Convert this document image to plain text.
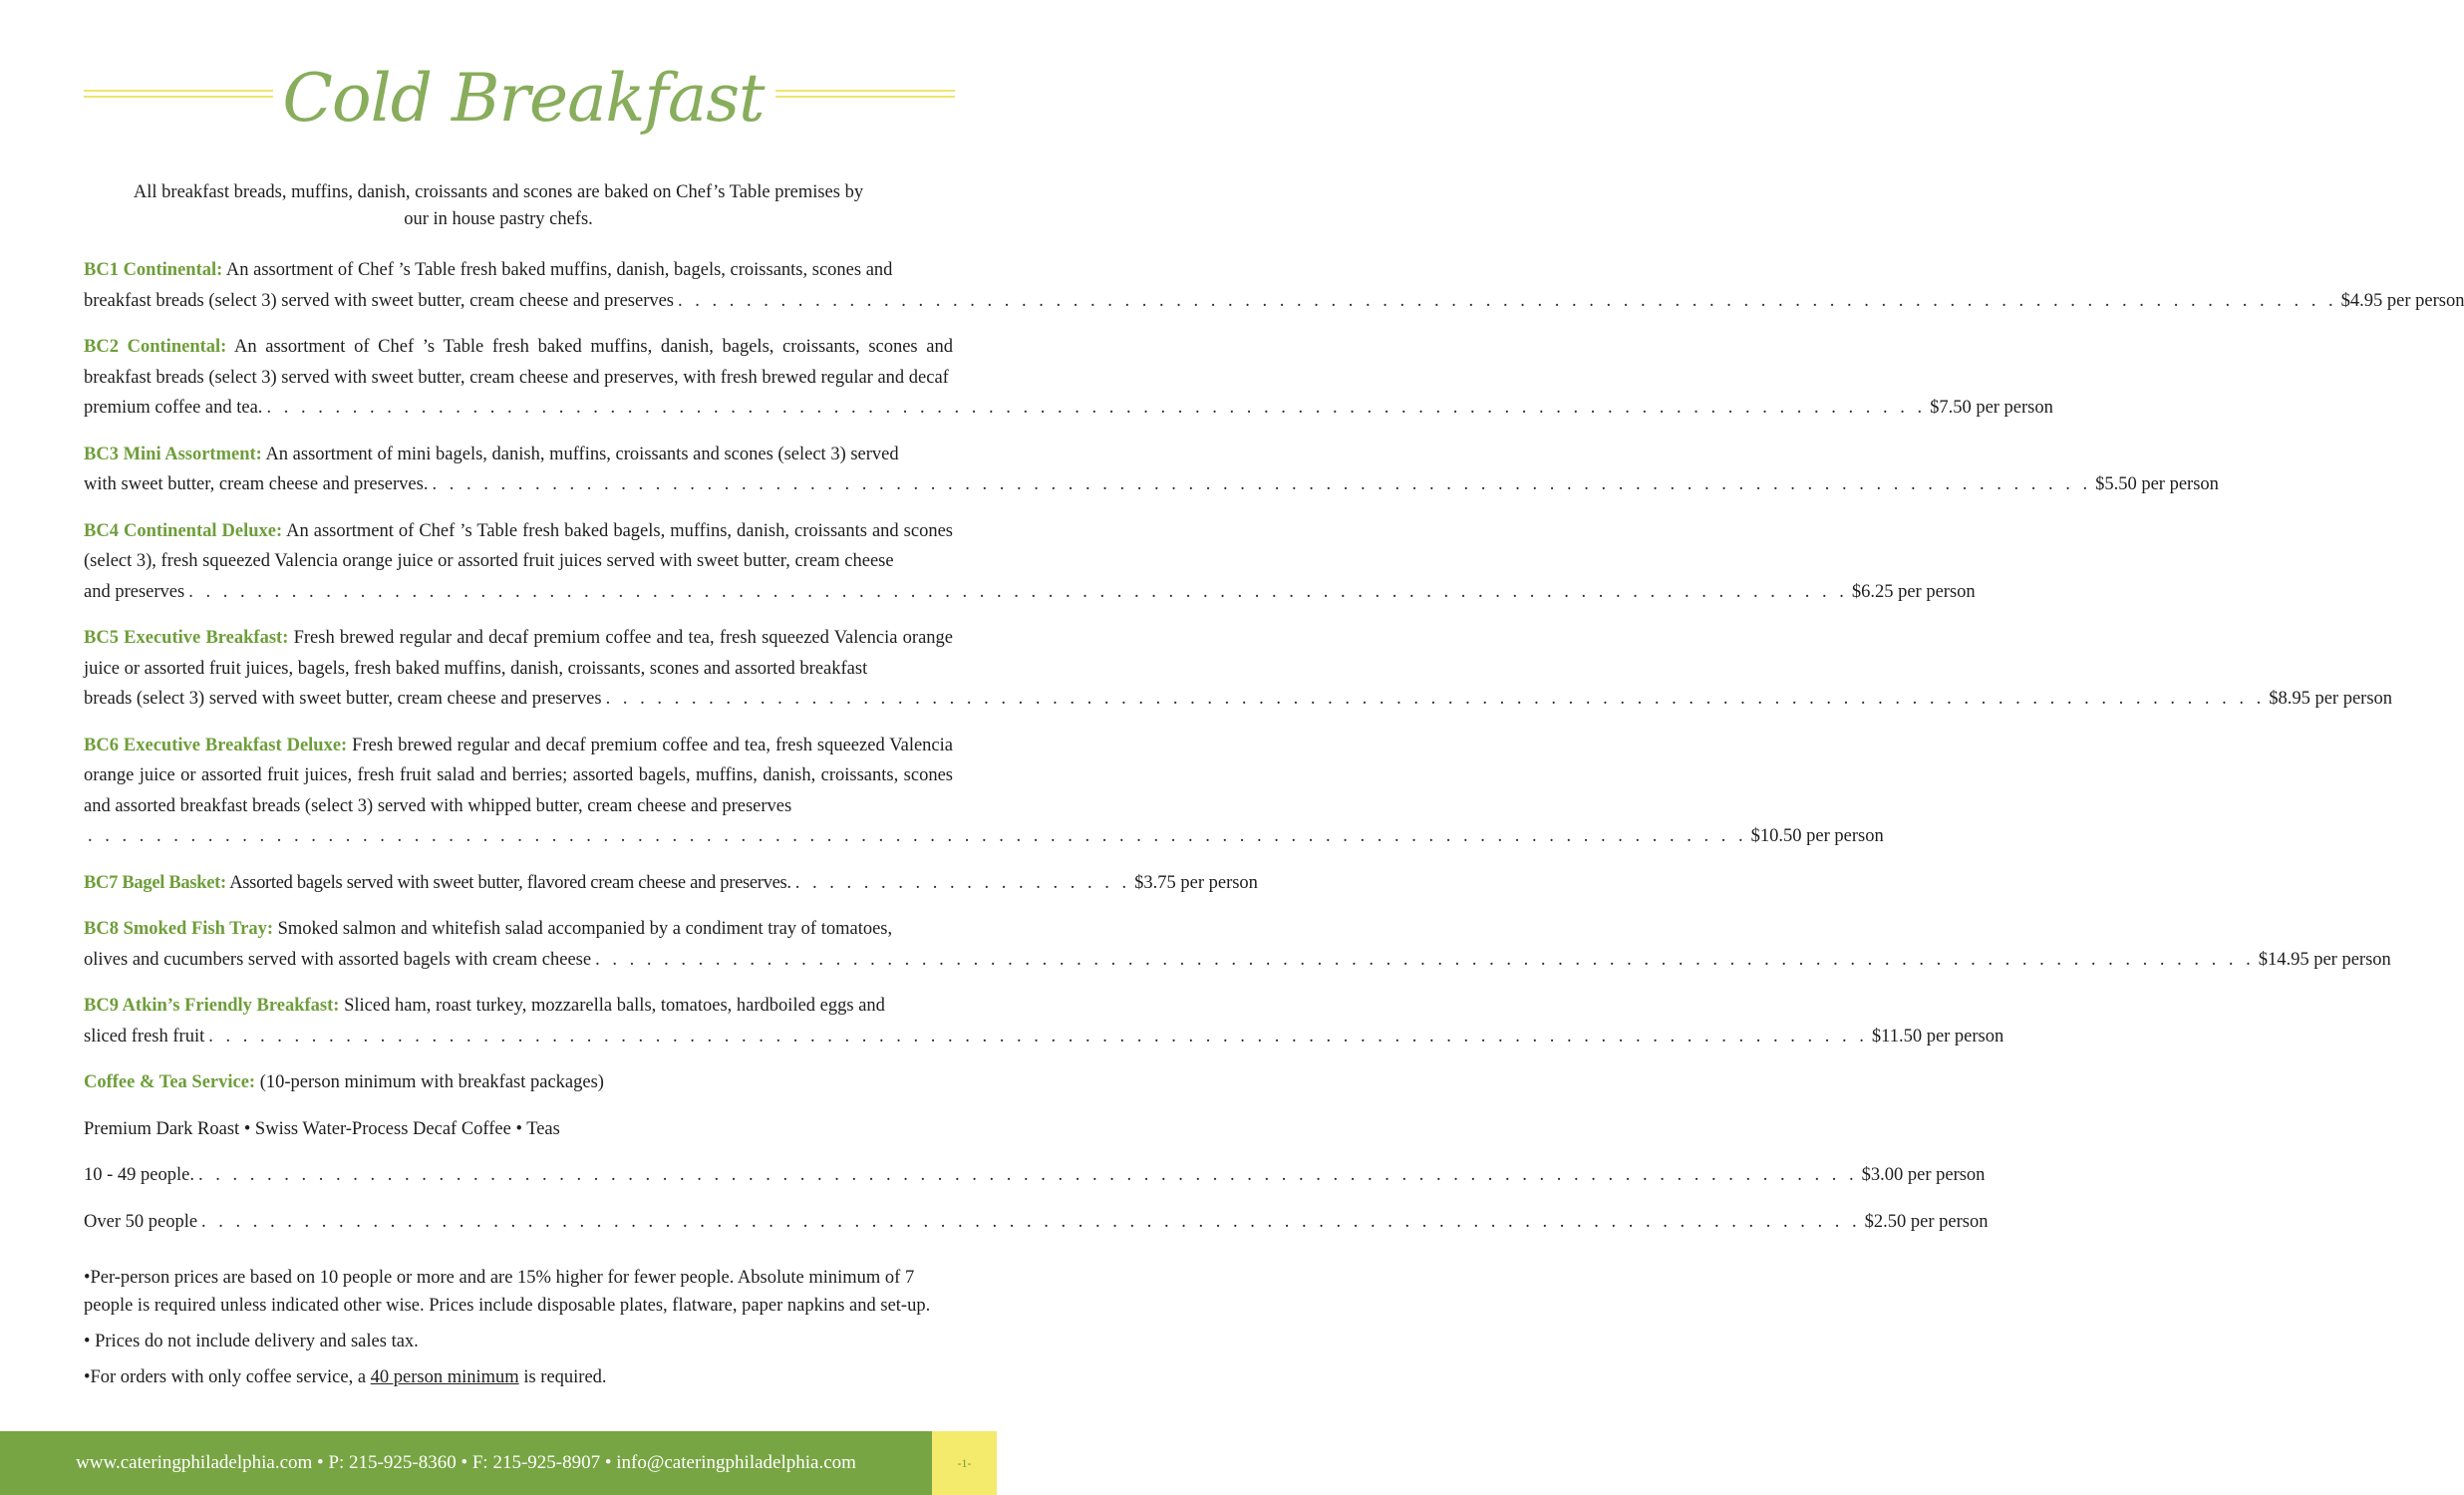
Cold Breakfast
All breakfast breads, muffins, danish, croissants and scones are baked on Chef’s Table premises by our in house pastry chefs.
BC1 Continental: An assortment of Chef ’s Table fresh baked muffins, danish, bagels, croissants, scones and
breakfast breads (select 3) served with sweet butter, cream cheese and preserves . . . . . . . . . . . . . . . . . . . . . . . . . . . . . . . . . . . . . . . . . . . . . . . . . . . . . . . . . . . . . . . . . . . . . . . . . . . . . . . . . . . . . . . . . . . . . . . . . $4.95 per person
BC2 Continental: An assortment of Chef ’s Table fresh baked muffins, danish, bagels, croissants, scones and breakfast breads (select 3) served with sweet butter, cream cheese and preserves, with fresh brewed regular and decaf
premium coffee and tea. . . . . . . . . . . . . . . . . . . . . . . . . . . . . . . . . . . . . . . . . . . . . . . . . . . . . . . . . . . . . . . . . . . . . . . . . . . . . . . . . . . . . . . . . . . . . . . . . . $7.50 per person
BC3 Mini Assortment: An assortment of mini bagels, danish, muffins, croissants and scones (select 3) served
with sweet butter, cream cheese and preserves. . . . . . . . . . . . . . . . . . . . . . . . . . . . . . . . . . . . . . . . . . . . . . . . . . . . . . . . . . . . . . . . . . . . . . . . . . . . . . . . . . . . . . . . . . . . . . . . . . $5.50 per person
BC4 Continental Deluxe: An assortment of Chef ’s Table fresh baked bagels, muffins, danish, croissants and scones (select 3), fresh squeezed Valencia orange juice or assorted fruit juices served with sweet butter, cream cheese
and preserves . . . . . . . . . . . . . . . . . . . . . . . . . . . . . . . . . . . . . . . . . . . . . . . . . . . . . . . . . . . . . . . . . . . . . . . . . . . . . . . . . . . . . . . . . . . . . . . . . $6.25 per person
BC5 Executive Breakfast: Fresh brewed regular and decaf premium coffee and tea, fresh squeezed Valencia orange juice or assorted fruit juices, bagels, fresh baked muffins, danish, croissants, scones and assorted breakfast
breads (select 3) served with sweet butter, cream cheese and preserves . . . . . . . . . . . . . . . . . . . . . . . . . . . . . . . . . . . . . . . . . . . . . . . . . . . . . . . . . . . . . . . . . . . . . . . . . . . . . . . . . . . . . . . . . . . . . . . . . $8.95 per person
BC6 Executive Breakfast Deluxe: Fresh brewed regular and decaf premium coffee and tea, fresh squeezed Valencia orange juice or assorted fruit juices, fresh fruit salad and berries; assorted bagels, muffins, danish, croissants, scones and assorted breakfast breads (select 3) served with whipped butter, cream cheese and preserves
. . . . . . . . . . . . . . . . . . . . . . . . . . . . . . . . . . . . . . . . . . . . . . . . . . . . . . . . . . . . . . . . . . . . . . . . . . . . . . . . . . . . . . . . . . . . . . . . . $10.50 per person
BC7 Bagel Basket: Assorted bagels served with sweet butter, flavored cream cheese and preserves. . . . . . . . . . . . . . . . . . . . . $3.75 per person
BC8 Smoked Fish Tray: Smoked salmon and whitefish salad accompanied by a condiment tray of tomatoes,
olives and cucumbers served with assorted bagels with cream cheese . . . . . . . . . . . . . . . . . . . . . . . . . . . . . . . . . . . . . . . . . . . . . . . . . . . . . . . . . . . . . . . . . . . . . . . . . . . . . . . . . . . . . . . . . . . . . . . . . $14.95 per person
BC9 Atkin’s Friendly Breakfast: Sliced ham, roast turkey, mozzarella balls, tomatoes, hardboiled eggs and
sliced fresh fruit . . . . . . . . . . . . . . . . . . . . . . . . . . . . . . . . . . . . . . . . . . . . . . . . . . . . . . . . . . . . . . . . . . . . . . . . . . . . . . . . . . . . . . . . . . . . . . . . . $11.50 per person
Coffee & Tea Service: (10-person minimum with breakfast packages)
Premium Dark Roast • Swiss Water-Process Decaf Coffee • Teas
10 - 49 people. . . . . . . . . . . . . . . . . . . . . . . . . . . . . . . . . . . . . . . . . . . . . . . . . . . . . . . . . . . . . . . . . . . . . . . . . . . . . . . . . . . . . . . . . . . . . . . . . . $3.00 per person
Over 50 people . . . . . . . . . . . . . . . . . . . . . . . . . . . . . . . . . . . . . . . . . . . . . . . . . . . . . . . . . . . . . . . . . . . . . . . . . . . . . . . . . . . . . . . . . . . . . . . . . $2.50 per person

•Per-person prices are based on 10 people or more and are 15% higher for fewer people. Absolute minimum of 7 people is required unless indicated other wise. Prices include disposable plates, flatware, paper napkins and set-up.

• Prices do not include delivery and sales tax.

•For orders with only coffee service, a 40 person minimum is required.

www.cateringphiladelphia.com • P: 215-925-8360 • F: 215-925-8907 • info@cateringphiladelphia.com	-1-
